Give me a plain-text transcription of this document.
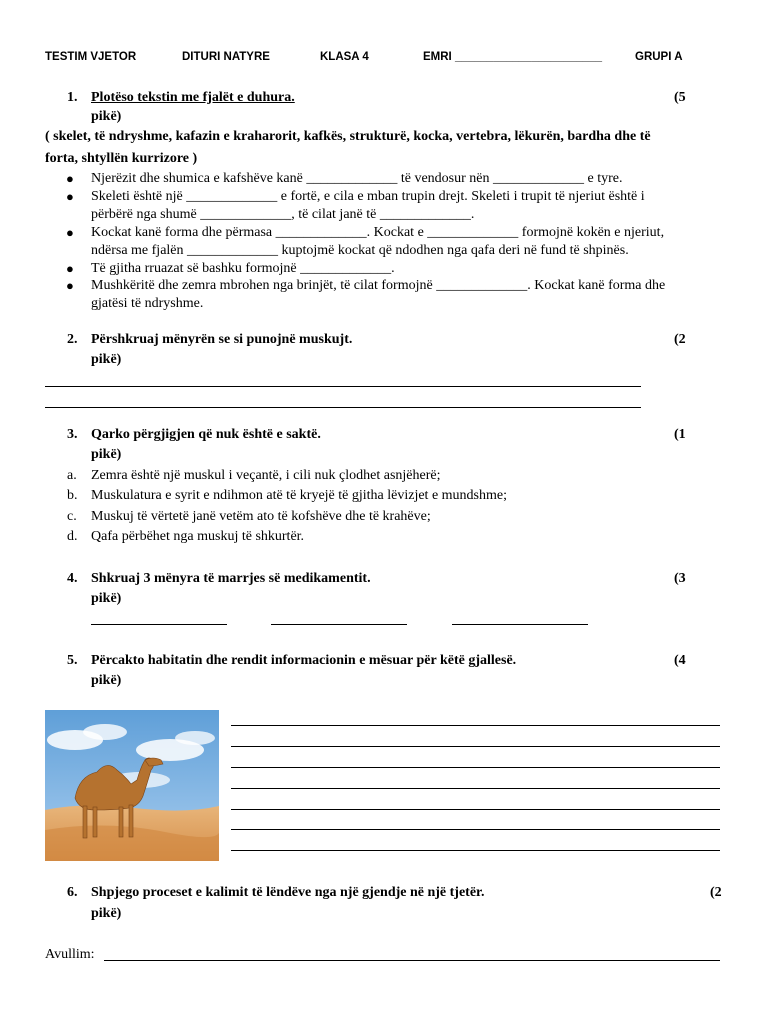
TESTIM VJETOR	DITURI NATYRE	KLASA 4	EMRI _______________________	GRUPI A
1. Plotëso tekstin me fjalët e duhura.	(5
pikë)
( skelet, të ndryshme, kafazin e kraharorit, kafkës, strukturë, kocka, vertebra, lëkurën, bardha dhe të
forta, shtyllën kurrizore )
● Njerëzit dhe shumica e kafshëve kanë _____________ të vendosur nën _____________ e tyre.
● Skeleti është një _____________ e fortë, e cila e mban trupin drejt. Skeleti i trupit të njeriut është i
përbërë nga shumë _____________, të cilat janë të _____________.
● Kockat kanë forma dhe përmasa _____________. Kockat e _____________ formojnë kokën e njeriut,
ndërsa me fjalën _____________ kuptojmë kockat që ndodhen nga qafa deri në fund të shpinës.
● Të gjitha rruazat së bashku formojnë _____________.
● Mushkëritë dhe zemra mbrohen nga brinjët, të cilat formojnë _____________. Kockat kanë forma dhe
gjatësi të ndryshme.
2. Përshkruaj mënyrën se si punojnë muskujt.	(2
pikë)
3. Qarko përgjigjen që nuk është e saktë.	(1
pikë)
a. Zemra është një muskul i veçantë, i cili nuk çlodhet asnjëherë;
b. Muskulatura e syrit e ndihmon atë të kryejë të gjitha lëvizjet e mundshme;
c. Muskuj të vërtetë janë vetëm ato të kofshëve dhe të krahëve;
d. Qafa përbëhet nga muskuj të shkurtër.
4. Shkruaj 3 mënyra të marrjes së medikamentit.	(3
pikë)
5. Përcakto habitatin dhe rendit informacionin e mësuar për këtë gjallesë.	(4
pikë)
6. Shpjego proceset e kalimit të lëndëve nga një gjendje në një tjetër.	(2
pikë)
Avullim:
